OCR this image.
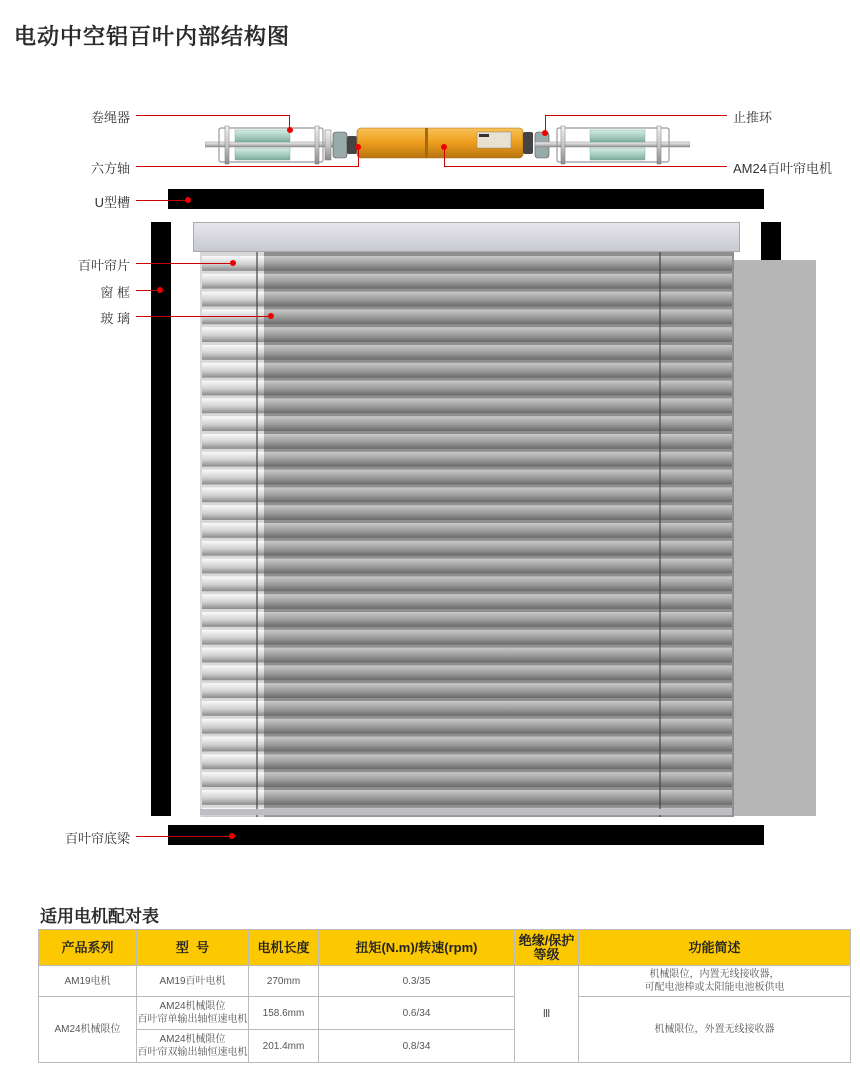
电动中空铝百叶内部结构图
卷绳器
六方轴
止推环
AM24百叶帘电机
U型槽
百叶帘片
窗 框
玻 璃
百叶帘底梁
适用电机配对表
产品系列	型  号	电机长度	扭矩(N.m)/转速(rpm)	绝缘/保护
等级	功能简述
AM19电机	AM19百叶电机	270mm	0.3/35	Ⅲ	机械限位，内置无线接收器，
可配电池棒或太阳能电池板供电

AM24机械限位	AM24机械限位
百叶帘单输出轴恒速电机	158.6mm	0.6/34		机械限位，外置无线接收器

	AM24机械限位
百叶帘双输出轴恒速电机	201.4mm	0.8/34		
